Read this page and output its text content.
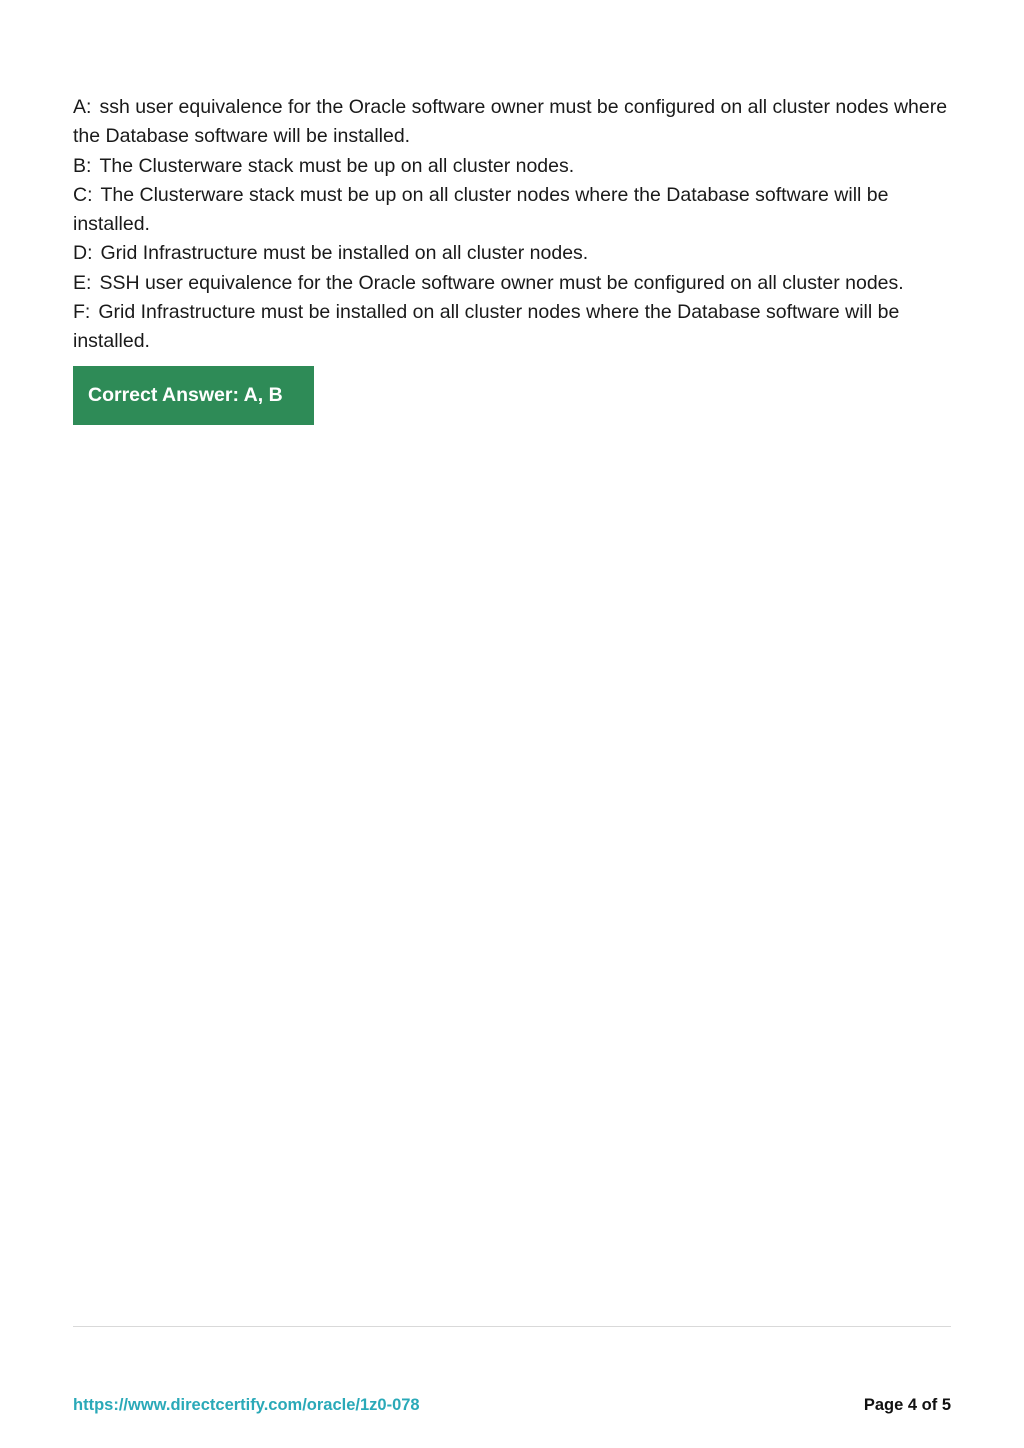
A: ssh user equivalence for the Oracle software owner must be configured on all cluster nodes where the Database software will be installed.
B: The Clusterware stack must be up on all cluster nodes.
C: The Clusterware stack must be up on all cluster nodes where the Database software will be installed.
D: Grid Infrastructure must be installed on all cluster nodes.
E: SSH user equivalence for the Oracle software owner must be configured on all cluster nodes.
F: Grid Infrastructure must be installed on all cluster nodes where the Database software will be installed.
Correct Answer: A, B
https://www.directcertify.com/oracle/1z0-078	Page 4 of 5
